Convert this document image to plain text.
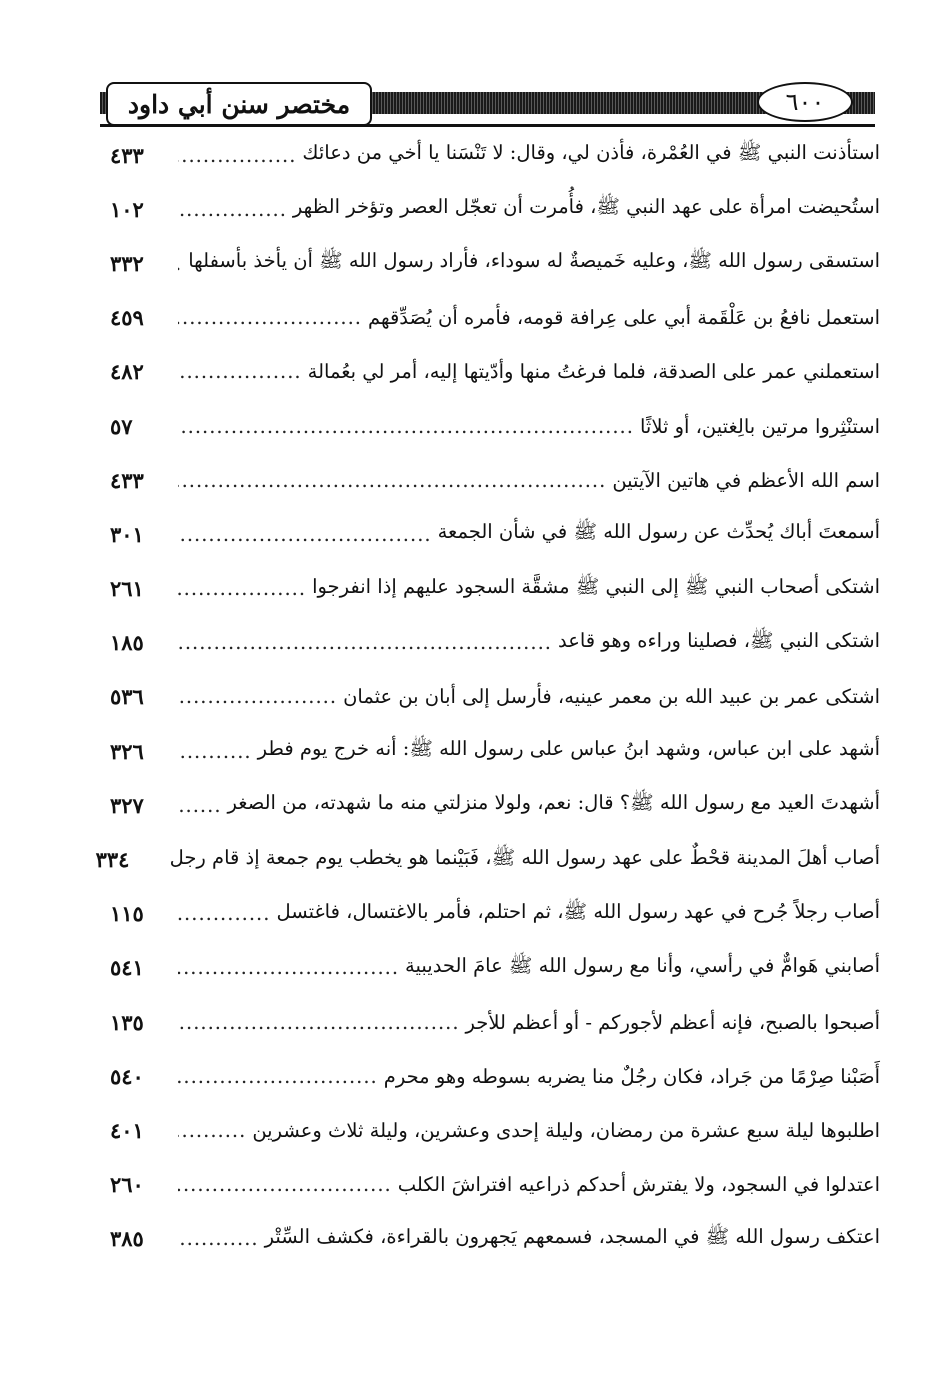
مختصر سنن أبي داود	٦٠٠
استأذنت النبي ﷺ في العُمْرة، فأذن لي، وقال: لا تَنْسَنا يا أخي من دعائك
.....
٤٣٣
استُحيضت امرأة على عهد النبي ﷺ، فأُمرت أن تعجّل العصر وتؤخر الظهر
.....
١٠٢
استسقى رسول الله ﷺ، وعليه خَميصةٌ له سوداء، فأراد رسول الله ﷺ أن يأخذ بأسفلها
.....
٣٣٢
استعمل نافعُ بن عَلْقَمة أبي على عِرافة قومه، فأمره أن يُصَدِّقهم
.....
٤٥٩
استعملني عمر على الصدقة، فلما فرغتُ منها وأدّيتها إليه، أمر لي بعُمالة
.....
٤٨٢
استنْثِروا مرتين بالِغتين، أو ثلاثًا
.....
٥٧
اسم الله الأعظم في هاتين الآيتين
.....
٤٣٣
أسمعتَ أباك يُحدِّث عن رسول الله ﷺ في شأن الجمعة
.....
٣٠١
اشتكى أصحاب النبي ﷺ إلى النبي ﷺ مشقَّة السجود عليهم إذا انفرجوا
.....
٢٦١
اشتكى النبي ﷺ، فصلينا وراءه وهو قاعد
.....
١٨٥
اشتكى عمر بن عبيد الله بن معمر عينيه، فأرسل إلى أبان بن عثمان
.....
٥٣٦
أشهد على ابن عباس، وشهد ابنُ عباس على رسول الله ﷺ: أنه خرج يوم فطر
.....
٣٢٦
أشهدتَ العيد مع رسول الله ﷺ؟ قال: نعم، ولولا منزلتي منه ما شهدته، من الصغر
.....
٣٢٧
أصاب أهلَ المدينة قحْطٌ على عهد رسول الله ﷺ، فَبَيْنما هو يخطب يوم جمعة إذ قام رجل
٣٣٤
أصاب رجلاً جُرح في عهد رسول الله ﷺ، ثم احتلم، فأمر بالاغتسال، فاغتسل
.....
١١٥
أصابني هَوامٌّ في رأسي، وأنا مع رسول الله ﷺ عامَ الحديبية
.....
٥٤١
أصبحوا بالصبح، فإنه أعظم لأجوركم - أو أعظم للأجر
.....
١٣٥
أَصَبْنا صِرْمًا من جَراد، فكان رجُلٌ منا يضربه بسوطه وهو محرم
.....
٥٤٠
اطلبوها ليلة سبع عشرة من رمضان، وليلة إحدى وعشرين، وليلة ثلاث وعشرين
.....
٤٠١
اعتدلوا في السجود، ولا يفترش أحدكم ذراعيه افتراشَ الكلب
.....
٢٦٠
اعتكف رسول الله ﷺ في المسجد، فسمعهم يَجهرون بالقراءة، فكشف السِّتْر
.....
٣٨٥
